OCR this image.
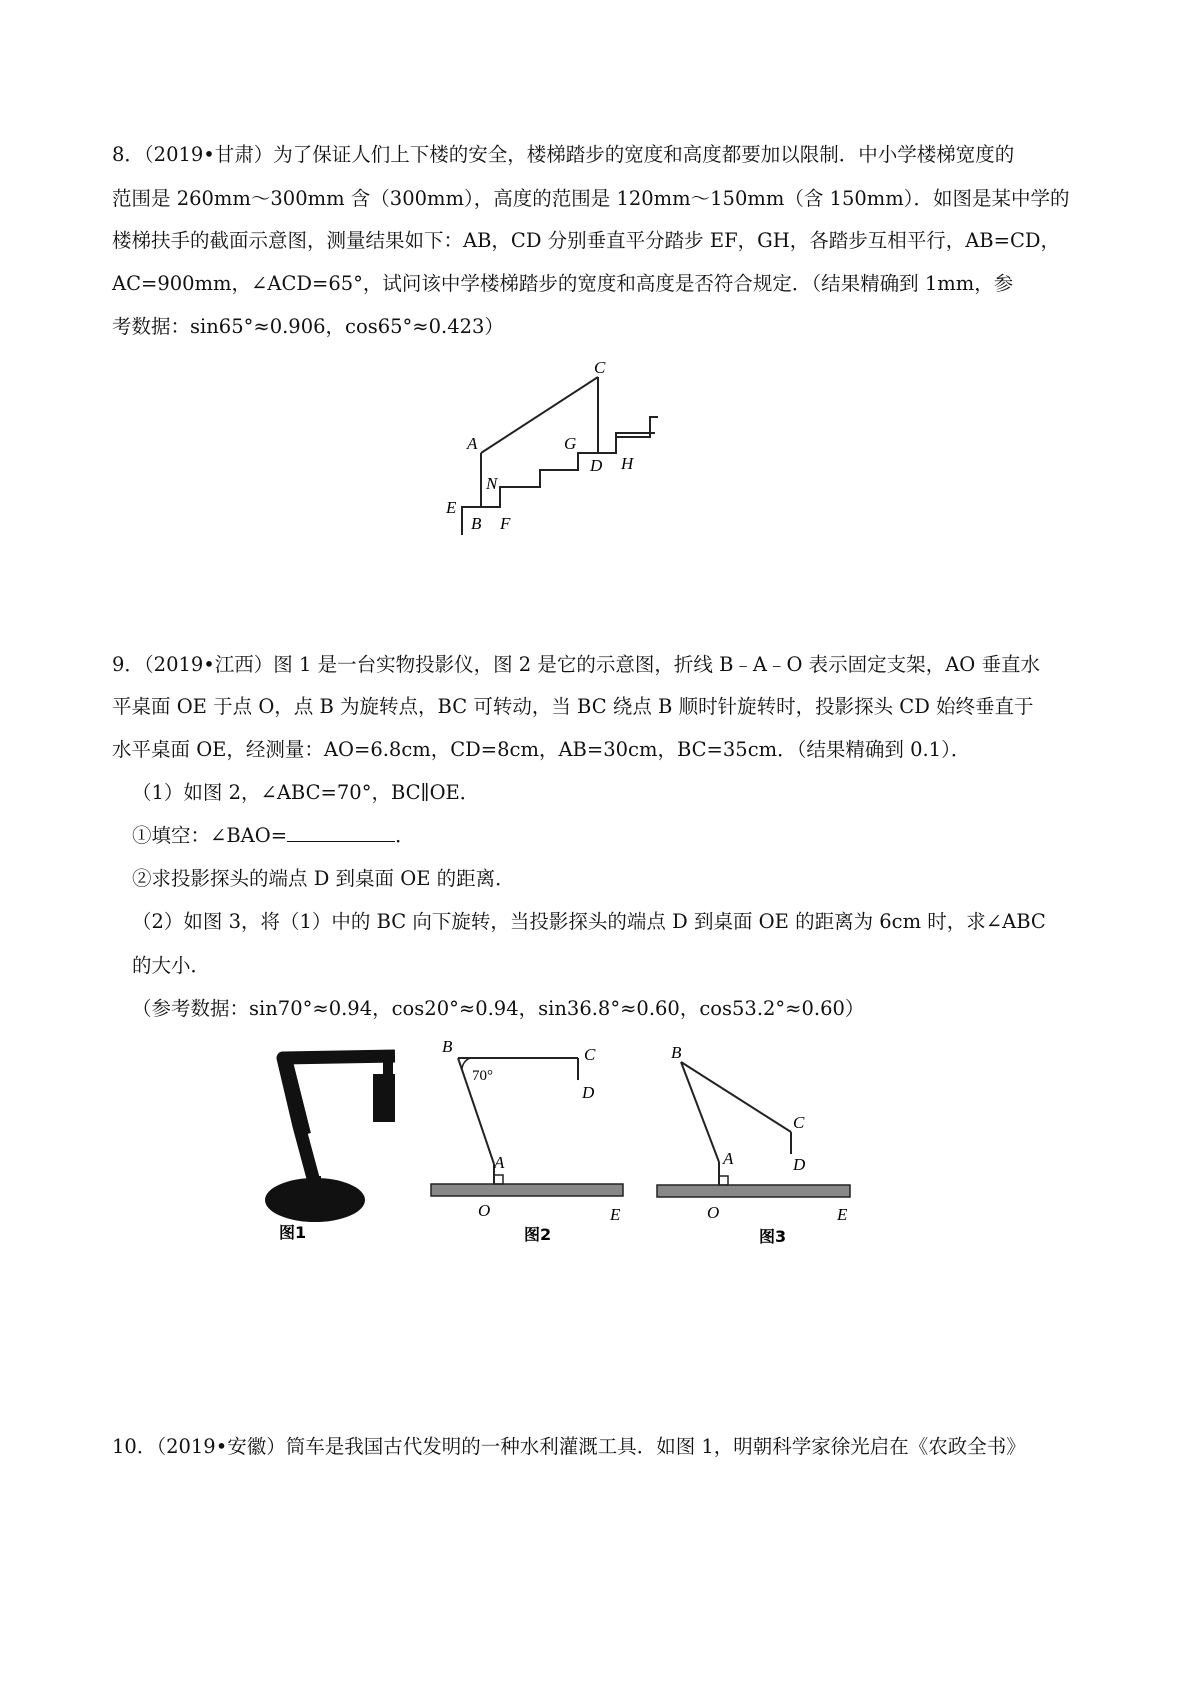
8．（2019•甘肃）为了保证人们上下楼的安全，楼梯踏步的宽度和高度都要加以限制．中小学楼梯宽度的
范围是 260mm～300mm 含（300mm），高度的范围是 120mm～150mm（含 150mm）．如图是某中学的
楼梯扶手的截面示意图，测量结果如下：AB，CD 分别垂直平分踏步 EF，GH，各踏步互相平行，AB=CD，
AC=900mm，∠ACD=65°，试问该中学楼梯踏步的宽度和高度是否符合规定．（结果精确到 1mm，参
考数据：sin65°≈0.906，cos65°≈0.423）
C
A	G
D H
N
E
B F
9．（2019•江西）图 1 是一台实物投影仪，图 2 是它的示意图，折线 B﹣A﹣O 表示固定支架，AO 垂直水
平桌面 OE 于点 O，点 B 为旋转点，BC 可转动，当 BC 绕点 B 顺时针旋转时，投影探头 CD 始终垂直于
水平桌面 OE，经测量：AO=6.8cm，CD=8cm，AB=30cm，BC=35cm．（结果精确到 0.1）．
（1）如图 2，∠ABC=70°，BC∥OE．
①填空：∠BAO=	．
②求投影探头的端点 D 到桌面 OE 的距离．
（2）如图 3，将（1）中的 BC 向下旋转，当投影探头的端点 D 到桌面 OE 的距离为 6cm 时，求∠ABC
的大小．
（参考数据：sin70°≈0.94，cos20°≈0.94，sin36.8°≈0.60，cos53.2°≈0.60）
图1
B
70°
C
D
A
O	E
图2
B
C
D
A
O	E
图3
10．（2019•安徽）筒车是我国古代发明的一种水利灌溉工具．如图 1，明朝科学家徐光启在《农政全书》
